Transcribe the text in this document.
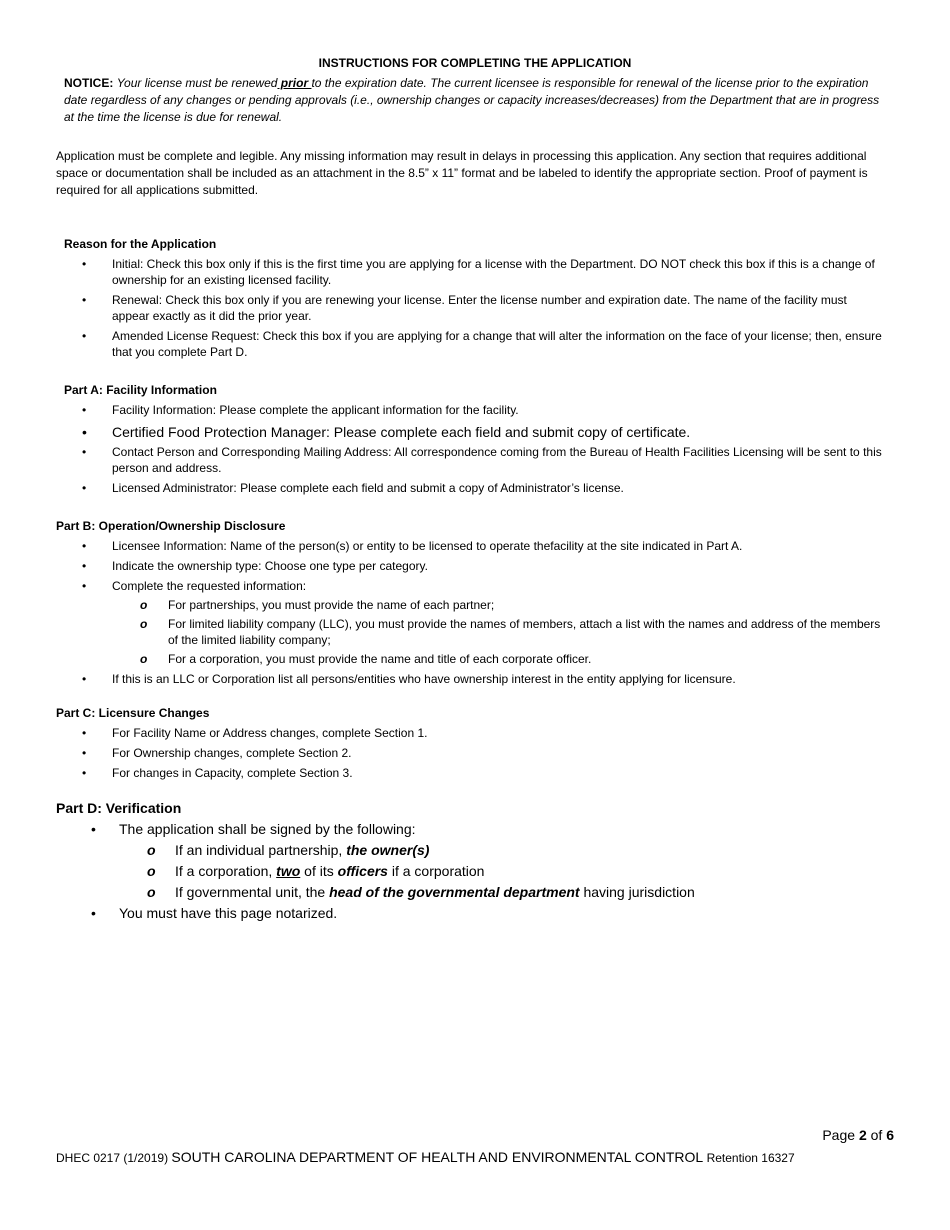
INSTRUCTIONS FOR COMPLETING THE APPLICATION
NOTICE: Your license must be renewed prior to the expiration date. The current licensee is responsible for renewal of the license prior to the expiration date regardless of any changes or pending approvals (i.e., ownership changes or capacity increases/decreases) from the Department that are in progress at the time the license is due for renewal.
Application must be complete and legible. Any missing information may result in delays in processing this application. Any section that requires additional space or documentation shall be included as an attachment in the 8.5” x 11” format and be labeled to identify the appropriate section. Proof of payment is required for all applications submitted.
Reason for the Application
• Initial: Check this box only if this is the first time you are applying for a license with the Department. DO NOT check this box if this is a change of ownership for an existing licensed facility.
• Renewal: Check this box only if you are renewing your license. Enter the license number and expiration date. The name of the facility must appear exactly as it did the prior year.
• Amended License Request: Check this box if you are applying for a change that will alter the information on the face of your license; then, ensure that you complete Part D.
Part A: Facility Information
• Facility Information: Please complete the applicant information for the facility.
• Certified Food Protection Manager: Please complete each field and submit copy of certificate.
• Contact Person and Corresponding Mailing Address: All correspondence coming from the Bureau of Health Facilities Licensing will be sent to this person and address.
• Licensed Administrator: Please complete each field and submit a copy of Administrator’s license.
Part B: Operation/Ownership Disclosure
• Licensee Information: Name of the person(s) or entity to be licensed to operate thefacility at the site indicated in Part A.
• Indicate the ownership type: Choose one type per category.
• Complete the requested information:
o For partnerships, you must provide the name of each partner;
o For limited liability company (LLC), you must provide the names of members, attach a list with the names and address of the members of the limited liability company;
o For a corporation, you must provide the name and title of each corporate officer.
• If this is an LLC or Corporation list all persons/entities who have ownership interest in the entity applying for licensure.
Part C: Licensure Changes
• For Facility Name or Address changes, complete Section 1.
• For Ownership changes, complete Section 2.
• For changes in Capacity, complete Section 3.
Part D: Verification
• The application shall be signed by the following:
o If an individual partnership, the owner(s)
o If a corporation, two of its officers if a corporation
o If governmental unit, the head of the governmental department having jurisdiction
• You must have this page notarized.
Page 2 of 6
DHEC 0217 (1/2019) SOUTH CAROLINA DEPARTMENT OF HEALTH AND ENVIRONMENTAL CONTROL Retention 16327
